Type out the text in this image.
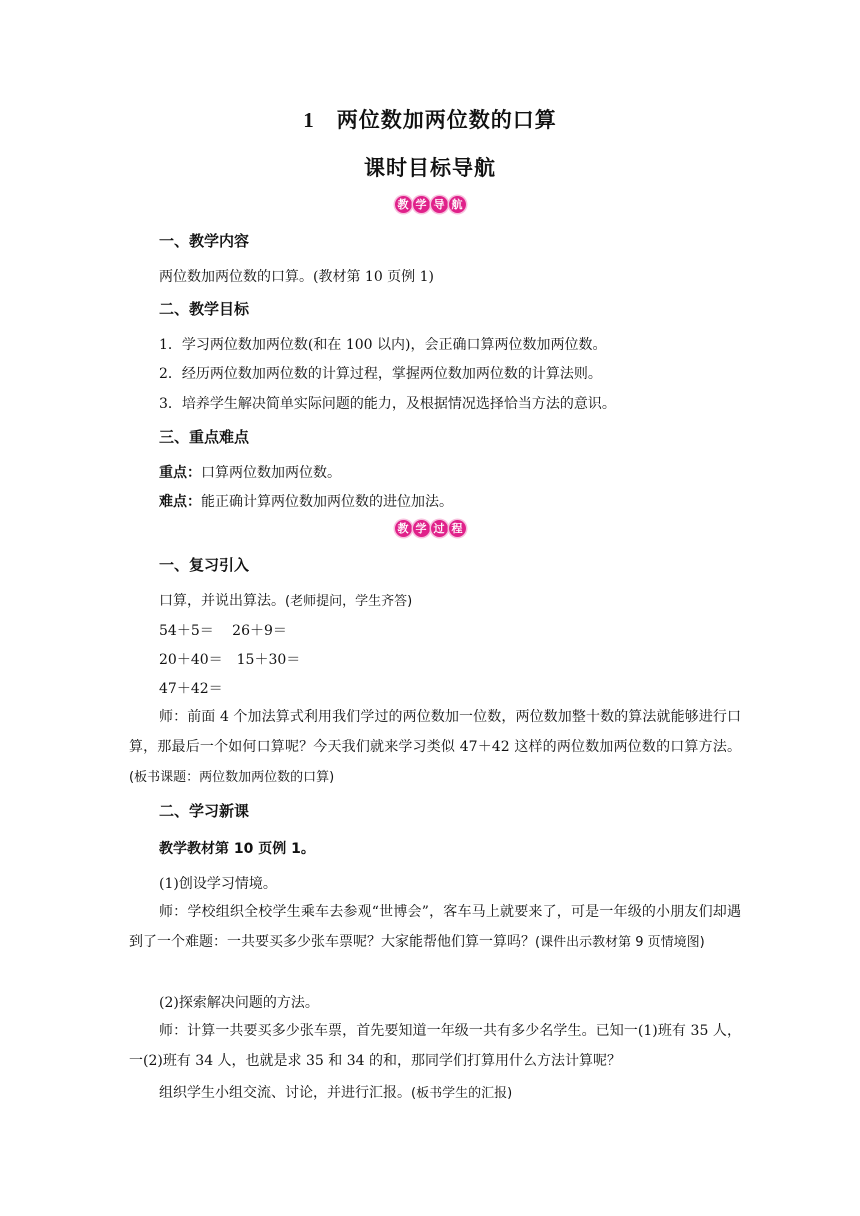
1 两位数加两位数的口算
课时目标导航
教 学 导 航
一、教学内容
两位数加两位数的口算。(教材第 10 页例 1)
二、教学目标
1．学习两位数加两位数(和在 100 以内)，会正确口算两位数加两位数。
2．经历两位数加两位数的计算过程，掌握两位数加两位数的计算法则。
3．培养学生解决简单实际问题的能力，及根据情况选择恰当方法的意识。
三、重点难点
重点：口算两位数加两位数。
难点：能正确计算两位数加两位数的进位加法。
教 学 过 程
一、复习引入
口算，并说出算法。(老师提问，学生齐答)
54＋5＝　 26＋9＝
20＋40＝　15＋30＝
47＋42＝
师：前面 4 个加法算式利用我们学过的两位数加一位数，两位数加整十数的算法就能够进行口算，那最后一个如何口算呢？今天我们就来学习类似 47＋42 这样的两位数加两位数的口算方法。(板书课题：两位数加两位数的口算)
二、学习新课
教学教材第 10 页例 1。
(1)创设学习情境。
师：学校组织全校学生乘车去参观“世博会”，客车马上就要来了，可是一年级的小朋友们却遇到了一个难题：一共要买多少张车票呢？大家能帮他们算一算吗？(课件出示教材第 9 页情境图)
(2)探索解决问题的方法。
师：计算一共要买多少张车票，首先要知道一年级一共有多少名学生。已知一(1)班有 35 人，一(2)班有 34 人，也就是求 35 和 34 的和，那同学们打算用什么方法计算呢？
组织学生小组交流、讨论，并进行汇报。(板书学生的汇报)
